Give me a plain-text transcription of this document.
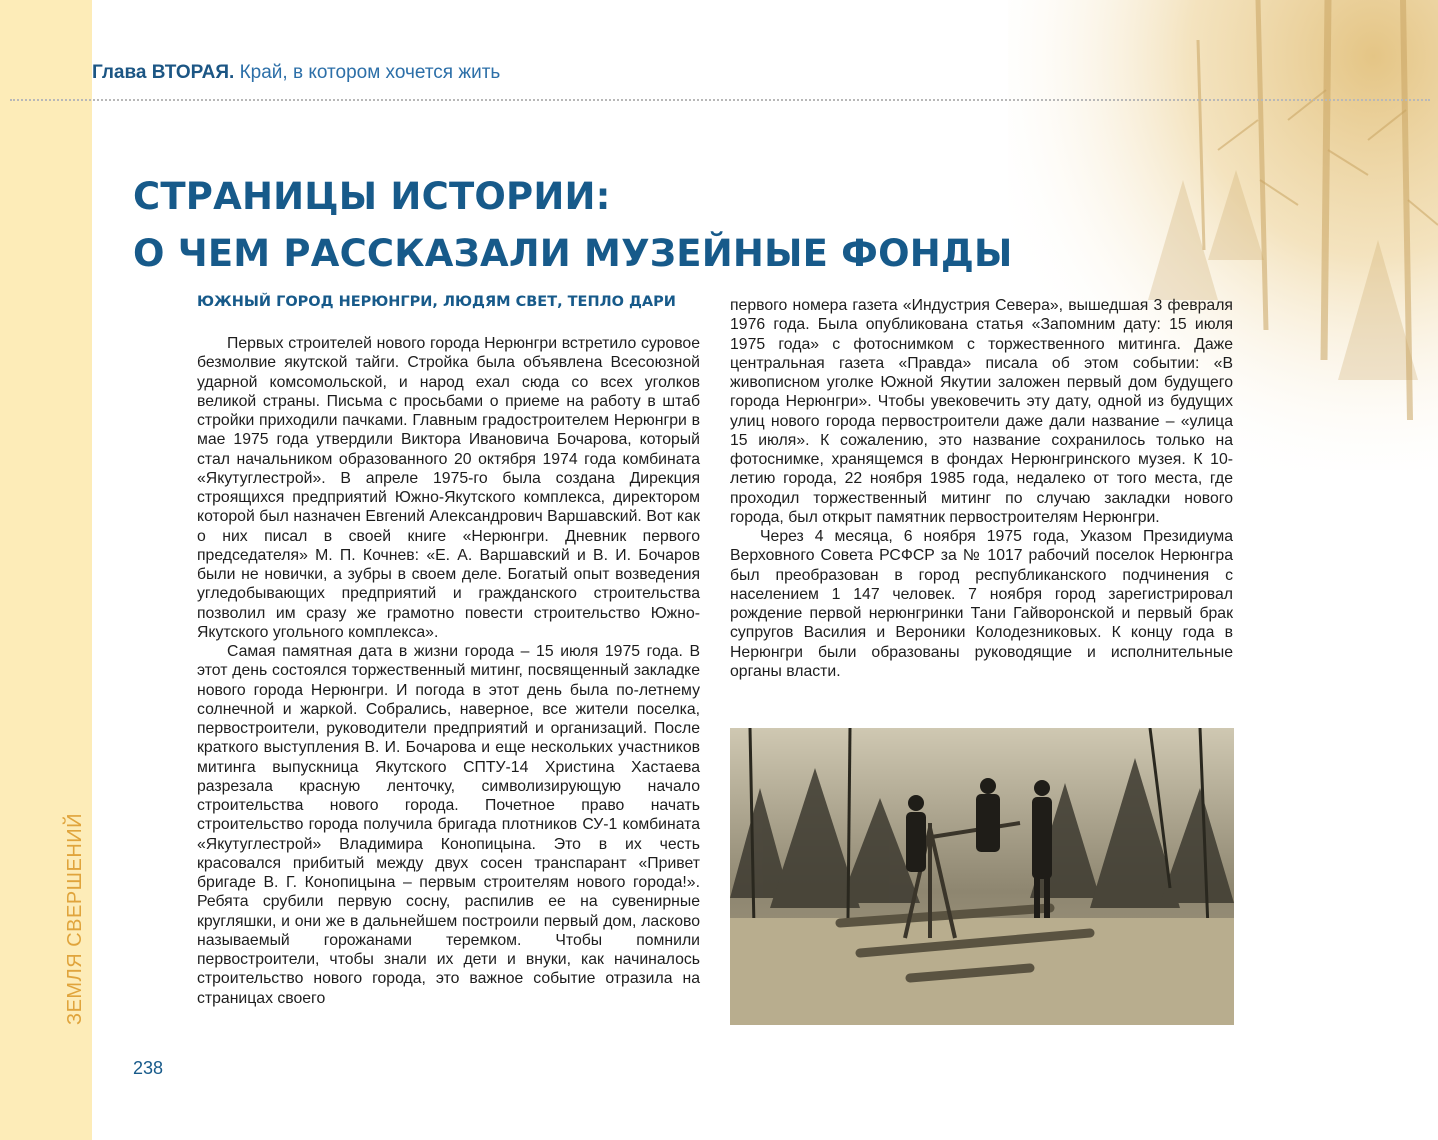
ЗЕМЛЯ СВЕРШЕНИЙ
Глава ВТОРАЯ. Край, в котором хочется жить
СТРАНИЦЫ ИСТОРИИ:
О ЧЕМ РАССКАЗАЛИ МУЗЕЙНЫЕ ФОНДЫ
ЮЖНЫЙ ГОРОД НЕРЮНГРИ, ЛЮДЯМ СВЕТ, ТЕПЛО ДАРИ

Первых строителей нового города Нерюнгри встретило суровое безмолвие якутской тайги. Стройка была объявлена Всесоюзной ударной комсомольской, и народ ехал сюда со всех уголков великой страны. Письма с просьбами о приеме на работу в штаб стройки приходили пачками. Главным градостроителем Нерюнгри в мае 1975 года утвердили Виктора Ивановича Бочарова, который стал начальником образованного 20 октября 1974 года комбината «Якутуглестрой». В апреле 1975-го была создана Дирекция строящихся предприятий Южно-Якутского комплекса, директором которой был назначен Евгений Александрович Варшавский. Вот как о них писал в своей книге «Нерюнгри. Дневник первого председателя» М. П. Кочнев: «Е. А. Варшавский и В. И. Бочаров были не новички, а зубры в своем деле. Богатый опыт возведения угледобывающих предприятий и гражданского строительства позволил им сразу же грамотно повести строительство Южно-Якутского угольного комплекса».

Самая памятная дата в жизни города – 15 июля 1975 года. В этот день состоялся торжественный митинг, посвященный закладке нового города Нерюнгри. И погода в этот день была по-летнему солнечной и жаркой. Собрались, наверное, все жители поселка, первостроители, руководители предприятий и организаций. После краткого выступления В. И. Бочарова и еще нескольких участников митинга выпускница Якутского СПТУ-14 Христина Хастаева разрезала красную ленточку, символизирующую начало строительства нового города. Почетное право начать строительство города получила бригада плотников СУ-1 комбината «Якутуглестрой» Владимира Конопицына. Это в их честь красовался прибитый между двух сосен транспарант «Привет бригаде В. Г. Конопицына – первым строителям нового города!». Ребята срубили первую сосну, распилив ее на сувенирные кругляшки, и они же в дальнейшем построили первый дом, ласково называемый горожанами теремком. Чтобы помнили первостроители, чтобы знали их дети и внуки, как начиналось строительство нового города, это важное событие отразила на страницах своего

первого номера газета «Индустрия Севера», вышедшая 3 февраля 1976 года. Была опубликована статья «Запомним дату: 15 июля 1975 года» с фотоснимком с торжественного митинга. Даже центральная газета «Правда» писала об этом событии: «В живописном уголке Южной Якутии заложен первый дом будущего города Нерюнгри». Чтобы увековечить эту дату, одной из будущих улиц нового города первостроители даже дали название – «улица 15 июля». К сожалению, это название сохранилось только на фотоснимке, хранящемся в фондах Нерюнгринского музея. К 10-летию города, 22 ноября 1985 года, недалеко от того места, где проходил торжественный митинг по случаю закладки нового города, был открыт памятник первостроителям Нерюнгри.

Через 4 месяца, 6 ноября 1975 года, Указом Президиума Верховного Совета РСФСР за № 1017 рабочий поселок Нерюнгра был преобразован в город республиканского подчинения с населением 1 147 человек. 7 ноября город зарегистрировал рождение первой нерюнгринки Тани Гайворонской и первый брак супругов Василия и Вероники Колодезниковых. К концу года в Нерюнгри были образованы руководящие и исполнительные органы власти.

238
